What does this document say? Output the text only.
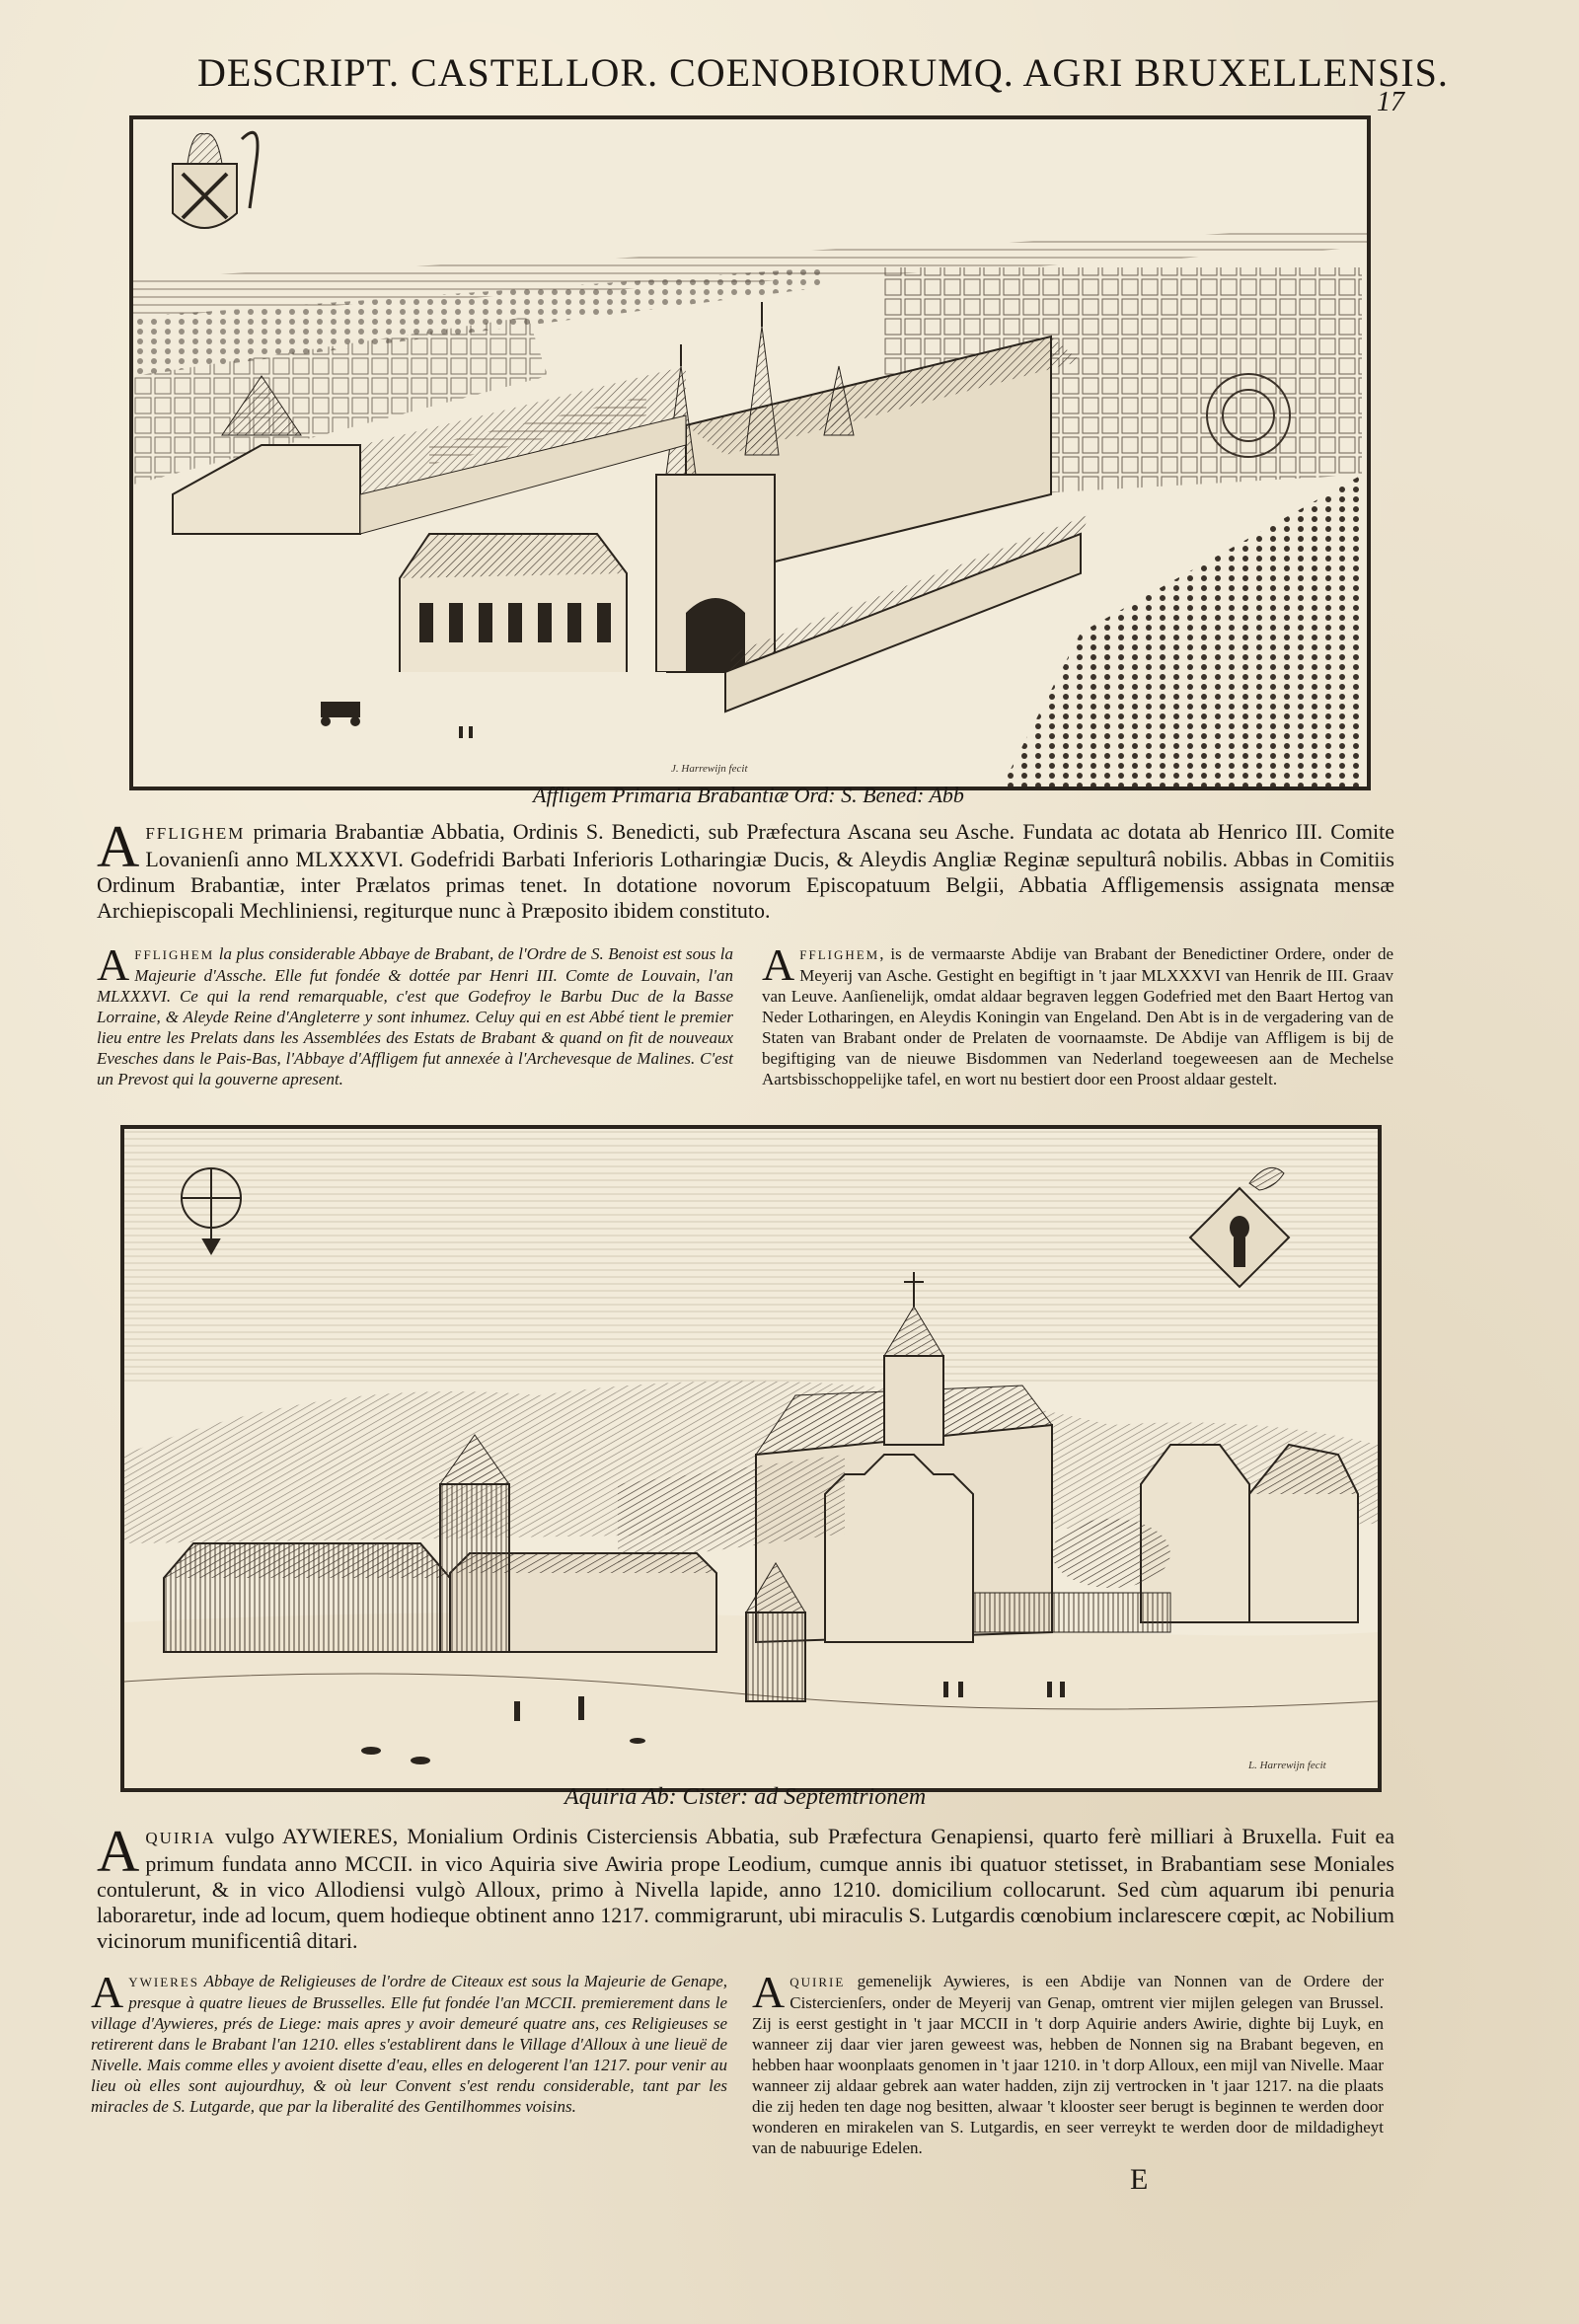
DESCRIPT. CASTELLOR. COENOBIORUMQ. AGRI BRUXELLENSIS.
17
Affligem Primaria Brabantiæ Ord: S. Bened: Abb
J. Harrewijn fecit
AFFLIGHEM primaria Brabantiæ Abbatia, Ordinis S. Benedicti, sub Præfectura Ascana seu Asche. Fundata ac dotata ab Henrico III. Comite Lovanienſi anno MLXXXVI. Godefridi Barbati Inferioris Lotharingiæ Ducis, & Aleydis Angliæ Reginæ sepulturâ nobilis. Abbas in Comitiis Ordinum Brabantiæ, inter Prælatos primas tenet. In dotatione novorum Episcopatuum Belgii, Abbatia Affligemensis assignata mensæ Archiepiscopali Mechliniensi, regiturque nunc à Præposito ibidem constituto.
AFFLIGHEM la plus considerable Abbaye de Brabant, de l'Ordre de S. Benoist est sous la Majeurie d'Assche. Elle fut fondée & dottée par Henri III. Comte de Louvain, l'an MLXXXVI. Ce qui la rend remarquable, c'est que Godefroy le Barbu Duc de la Basse Lorraine, & Aleyde Reine d'Angleterre y sont inhumez. Celuy qui en est Abbé tient le premier lieu entre les Prelats dans les Assemblées des Estats de Brabant & quand on fit de nouveaux Evesches dans le Pais-Bas, l'Abbaye d'Affligem fut annexée à l'Archevesque de Malines. C'est un Prevost qui la gouverne apresent.
AFFLIGHEM, is de vermaarste Abdije van Brabant der Benedictiner Ordere, onder de Meyerij van Asche. Gestight en begiftigt in 't jaar MLXXXVI van Henrik de III. Graav van Leuve. Aanſienelijk, omdat aldaar begraven leggen Godefried met den Baart Hertog van Neder Lotharingen, en Aleydis Koningin van Engeland. Den Abt is in de vergadering van de Staten van Brabant onder de Prelaten de voornaamste. De Abdije van Affligem is bij de begiftiging van de nieuwe Bisdommen van Nederland toegeweesen aan de Mechelse Aartsbisschoppelijke tafel, en wort nu bestiert door een Proost aldaar gestelt.
Aquiria Ab: Cister: ad Septemtrionem
L. Harrewijn fecit
AQUIRIA vulgo AYWIERES, Monialium Ordinis Cisterciensis Abbatia, sub Præfectura Genapiensi, quarto ferè milliari à Bruxella. Fuit ea primum fundata anno MCCII. in vico Aquiria sive Awiria prope Leodium, cumque annis ibi quatuor stetisset, in Brabantiam sese Moniales contulerunt, & in vico Allodiensi vulgò Alloux, primo à Nivella lapide, anno 1210. domicilium collocarunt. Sed cùm aquarum ibi penuria laboraretur, inde ad locum, quem hodieque obtinent anno 1217. commigrarunt, ubi miraculis S. Lutgardis cœnobium inclarescere cœpit, ac Nobilium vicinorum munificentiâ ditari.
AYWIERES Abbaye de Religieuses de l'ordre de Citeaux est sous la Majeurie de Genape, presque à quatre lieues de Brusselles. Elle fut fondée l'an MCCII. premierement dans le village d'Aywieres, prés de Liege: mais apres y avoir demeuré quatre ans, ces Religieuses se retirerent dans le Brabant l'an 1210. elles s'establirent dans le Village d'Alloux à une lieuë de Nivelle. Mais comme elles y avoient disette d'eau, elles en delogerent l'an 1217. pour venir au lieu où elles sont aujourdhuy, & où leur Convent s'est rendu considerable, tant par les miracles de S. Lutgarde, que par la liberalité des Gentilhommes voisins.
AQUIRIE gemenelijk Aywieres, is een Abdije van Nonnen van de Ordere der Cistercienſers, onder de Meyerij van Genap, omtrent vier mijlen gelegen van Brussel. Zij is eerst gestight in 't jaar MCCII in 't dorp Aquirie anders Awirie, dighte bij Luyk, en wanneer zij daar vier jaren geweest was, hebben de Nonnen sig na Brabant begeven, en hebben haar woonplaats genomen in 't jaar 1210. in 't dorp Alloux, een mijl van Nivelle. Maar wanneer zij aldaar gebrek aan water hadden, zijn zij vertrocken in 't jaar 1217. na die plaats die zij heden ten dage nog besitten, alwaar 't klooster seer berugt is beginnen te werden door wonderen en mirakelen van S. Lutgardis, en seer verreykt te werden door de mildadigheyt van de nabuurige Edelen.
E
